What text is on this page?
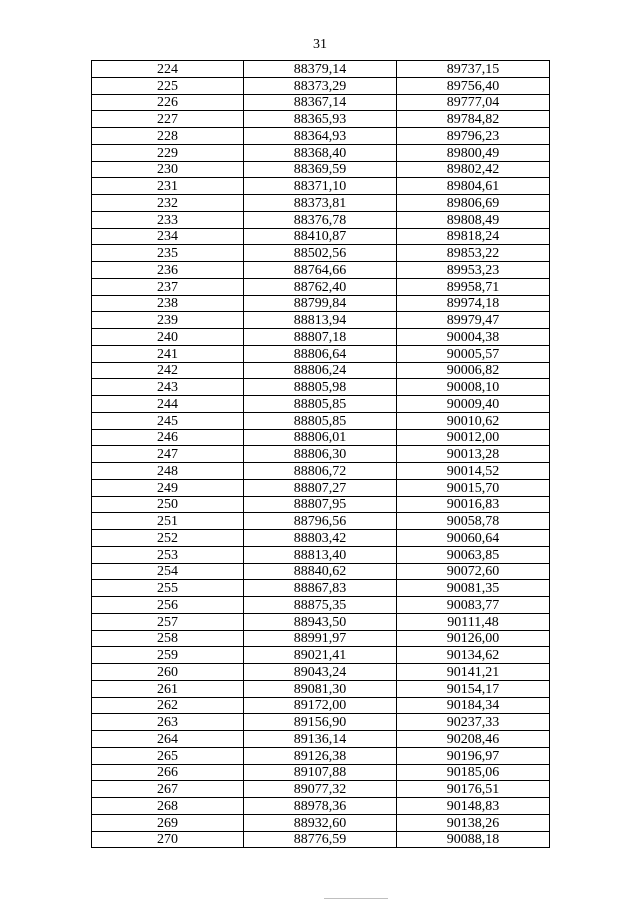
31
224	88379,14	89737,15
225	88373,29	89756,40
226	88367,14	89777,04
227	88365,93	89784,82
228	88364,93	89796,23
229	88368,40	89800,49
230	88369,59	89802,42
231	88371,10	89804,61
232	88373,81	89806,69
233	88376,78	89808,49
234	88410,87	89818,24
235	88502,56	89853,22
236	88764,66	89953,23
237	88762,40	89958,71
238	88799,84	89974,18
239	88813,94	89979,47
240	88807,18	90004,38
241	88806,64	90005,57
242	88806,24	90006,82
243	88805,98	90008,10
244	88805,85	90009,40
245	88805,85	90010,62
246	88806,01	90012,00
247	88806,30	90013,28
248	88806,72	90014,52
249	88807,27	90015,70
250	88807,95	90016,83
251	88796,56	90058,78
252	88803,42	90060,64
253	88813,40	90063,85
254	88840,62	90072,60
255	88867,83	90081,35
256	88875,35	90083,77
257	88943,50	90111,48
258	88991,97	90126,00
259	89021,41	90134,62
260	89043,24	90141,21
261	89081,30	90154,17
262	89172,00	90184,34
263	89156,90	90237,33
264	89136,14	90208,46
265	89126,38	90196,97
266	89107,88	90185,06
267	89077,32	90176,51
268	88978,36	90148,83
269	88932,60	90138,26
270	88776,59	90088,18
